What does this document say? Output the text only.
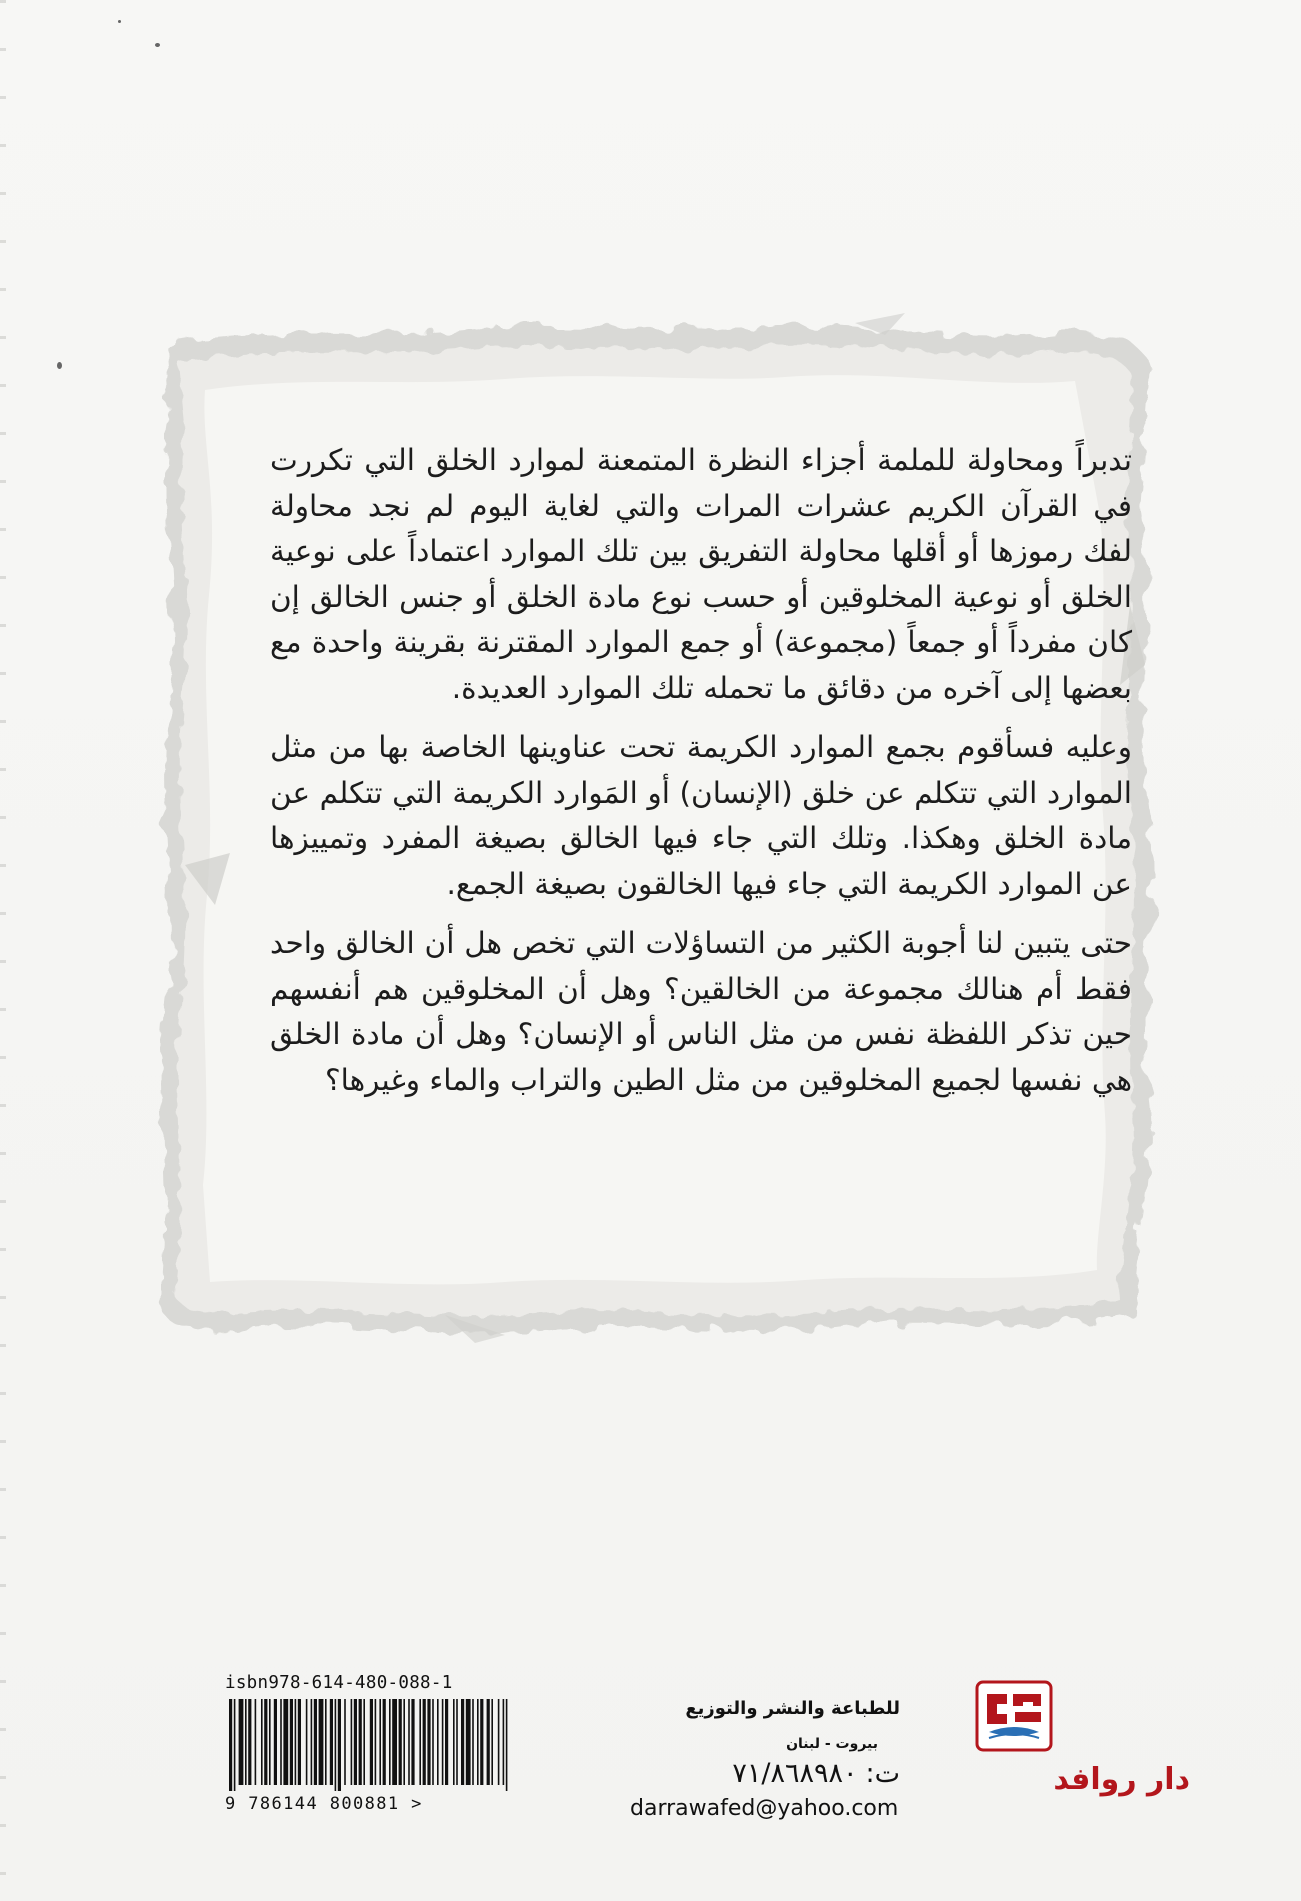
تدبراً ومحاولة للملمة أجزاء النظرة المتمعنة لموارد الخلق التي تكررت في القرآن الكريم عشرات المرات والتي لغاية اليوم لم نجد محاولة لفك رموزها أو أقلها محاولة التفريق بين تلك الموارد اعتماداً على نوعية الخلق أو نوعية المخلوقين أو حسب نوع مادة الخلق أو جنس الخالق إن كان مفرداً أو جمعاً (مجموعة) أو جمع الموارد المقترنة بقرينة واحدة مع بعضها إلى آخره من دقائق ما تحمله تلك الموارد العديدة.

وعليه فسأقوم بجمع الموارد الكريمة تحت عناوينها الخاصة بها من مثل الموارد التي تتكلم عن خلق (الإنسان) أو المَوارد الكريمة التي تتكلم عن مادة الخلق وهكذا. وتلك التي جاء فيها الخالق بصيغة المفرد وتمييزها عن الموارد الكريمة التي جاء فيها الخالقون بصيغة الجمع.

حتى يتبين لنا أجوبة الكثير من التساؤلات التي تخص هل أن الخالق واحد فقط أم هنالك مجموعة من الخالقين؟ وهل أن المخلوقين هم أنفسهم حين تذكر اللفظة نفس من مثل الناس أو الإنسان؟ وهل أن مادة الخلق هي نفسها لجميع المخلوقين من مثل الطين والتراب والماء وغيرها؟

isbn978-614-480-088-1
9 786144 800881 >
دار روافد
للطباعة والنشر والتوزيع
بيروت - لبنان
ت:٧١/٨٦٨٩٨٠
darrawafed@yahoo.com
